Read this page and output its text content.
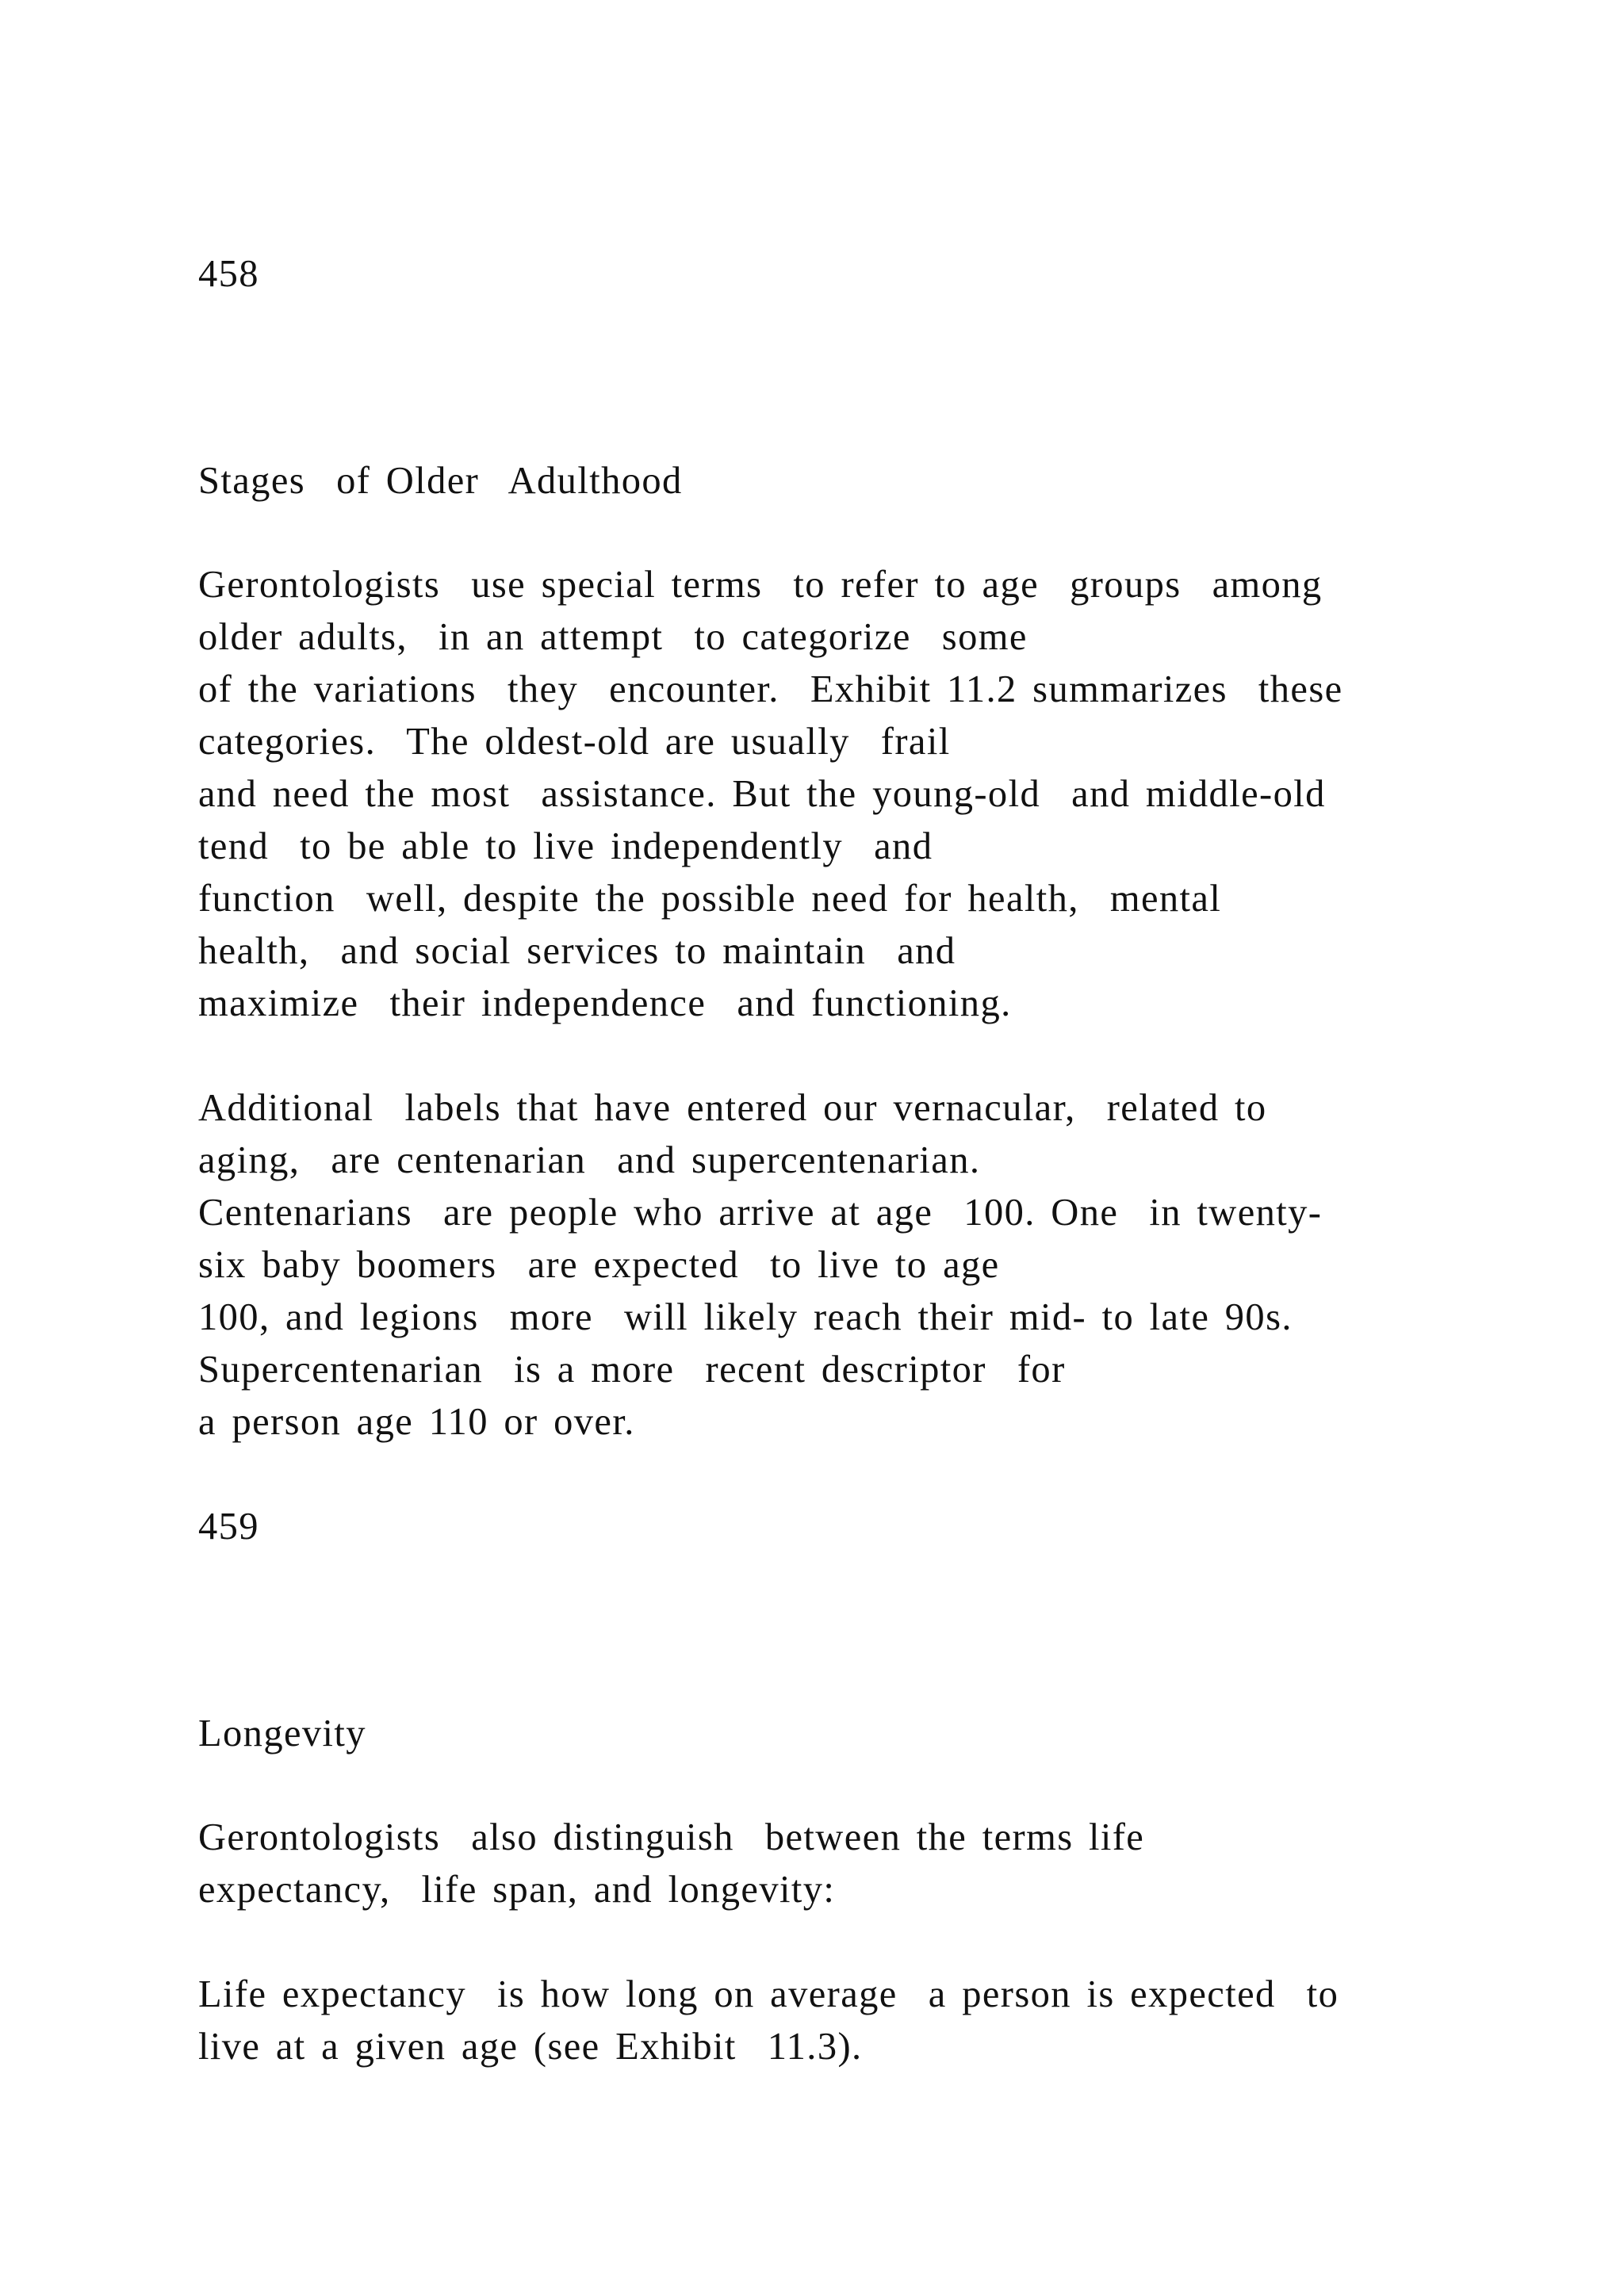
458

Stages  of Older  Adulthood

Gerontologists  use special terms  to refer to age  groups  among

older adults,  in an attempt  to categorize  some

of the variations  they  encounter.  Exhibit 11.2 summarizes  these

categories.  The oldest-old are usually  frail

and need the most  assistance. But the young-old  and middle-old

tend  to be able to live independently  and

function  well, despite the possible need for health,  mental

health,  and social services to maintain  and

maximize  their independence  and functioning.

Additional  labels that have entered our vernacular,  related to

aging,  are centenarian  and supercentenarian.

Centenarians  are people who arrive at age  100. One  in twenty-

six baby boomers  are expected  to live to age

100, and legions  more  will likely reach their mid- to late 90s.

Supercentenarian  is a more  recent descriptor  for

a person age 110 or over.

459

Longevity

Gerontologists  also distinguish  between the terms life

expectancy,  life span, and longevity:

Life expectancy  is how long on average  a person is expected  to

live at a given age (see Exhibit  11.3).
